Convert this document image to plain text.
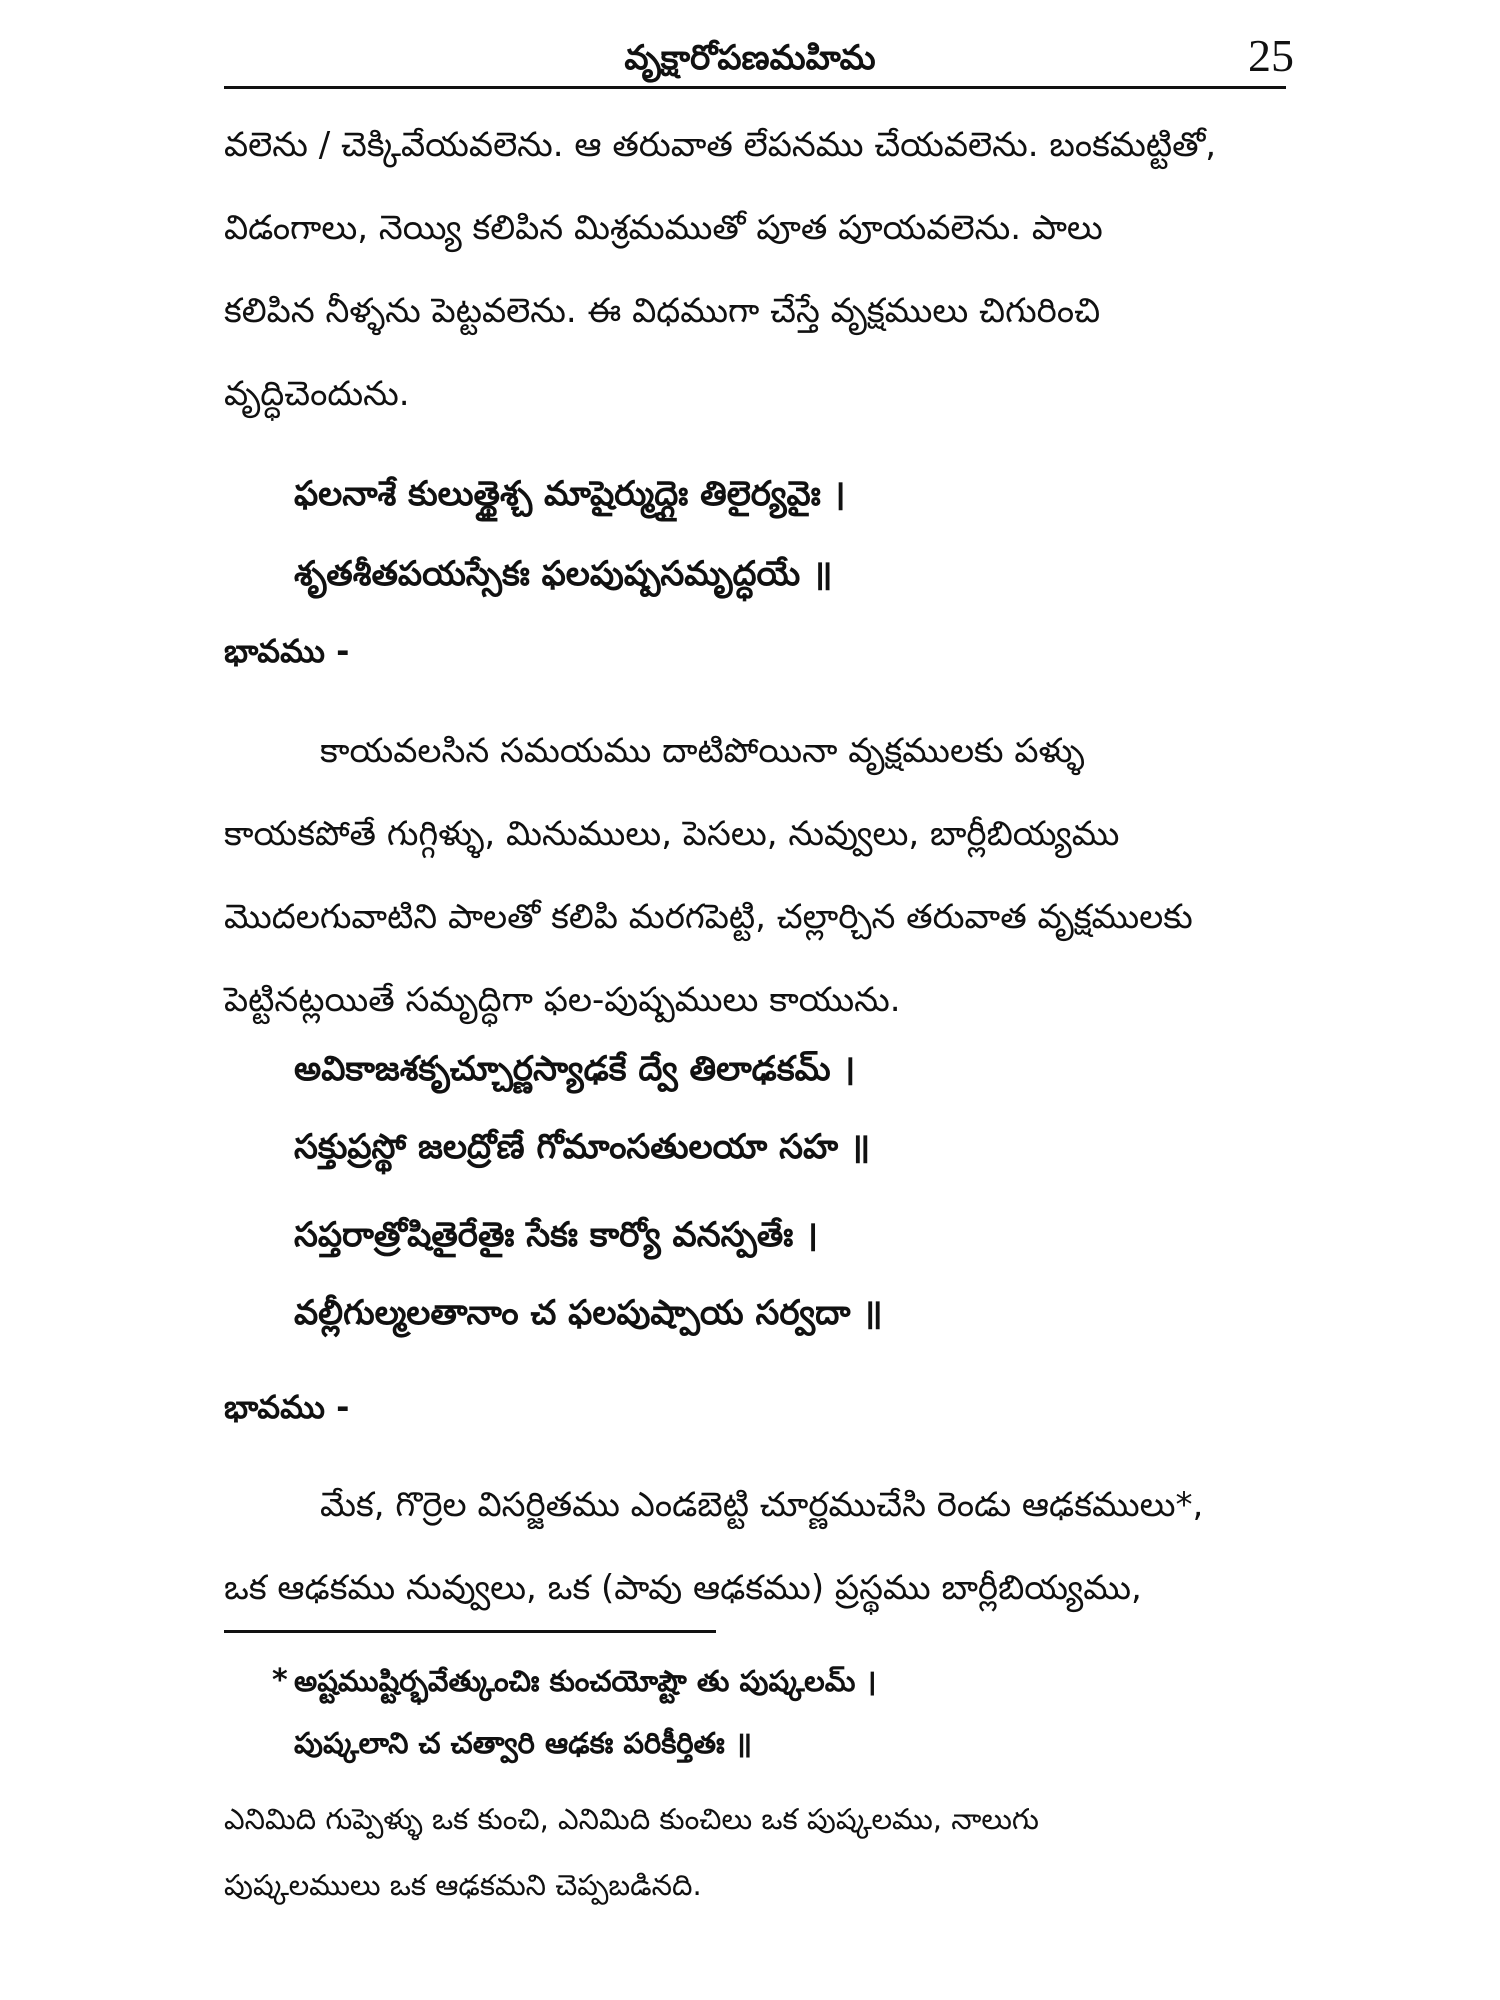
వృక్షారోపణమహిమ	25
వలెను / చెక్కివేయవలెను. ఆ తరువాత లేపనము చేయవలెను. బంకమట్టితో,
విడంగాలు, నెయ్యి కలిపిన మిశ్రమముతో పూత పూయవలెను. పాలు
కలిపిన నీళ్ళను పెట్టవలెను. ఈ విధముగా చేస్తే వృక్షములు చిగురించి
వృద్ధిచెందును.
ఫలనాశే కులుత్థైశ్చ మాషైర్ముద్గైః తిలైర్యవైః ।
శృతశీతపయస్సేకః ఫలపుష్పసమృద్ధయే ॥
భావము -
కాయవలసిన సమయము దాటిపోయినా వృక్షములకు పళ్ళు
కాయకపోతే గుగ్గిళ్ళు, మినుములు, పెసలు, నువ్వులు, బార్లీబియ్యము
మొదలగువాటిని పాలతో కలిపి మరగపెట్టి, చల్లార్చిన తరువాత వృక్షములకు
పెట్టినట్లయితే సమృద్ధిగా ఫల-పుష్పములు కాయును.
అవికాజశకృచ్చూర్ణస్యాఢకే ద్వే తిలాఢకమ్ ।
సక్తుప్రస్థో జలద్రోణే గోమాంసతులయా సహ ॥
సప్తరాత్రోషితైరేతైః సేకః కార్యో వనస్పతేః ।
వల్లీగుల్మలతానాం చ ఫలపుష్పాయ సర్వదా ॥
భావము -
మేక, గొర్రెల విసర్జితము ఎండబెట్టి చూర్ణముచేసి రెండు ఆఢకములు*,
ఒక ఆఢకము నువ్వులు, ఒక (పావు ఆఢకము) ప్రస్థము బార్లీబియ్యము,
* అష్టముష్టిర్భవేత్కుంచిః కుంచయోష్టౌ తు పుష్కలమ్ ।
పుష్కలాని చ చత్వారి ఆఢకః పరికీర్తితః ॥
ఎనిమిది గుప్పెళ్ళు ఒక కుంచి, ఎనిమిది కుంచిలు ఒక పుష్కలము, నాలుగు
పుష్కలములు ఒక ఆఢకమని చెప్పబడినది.
